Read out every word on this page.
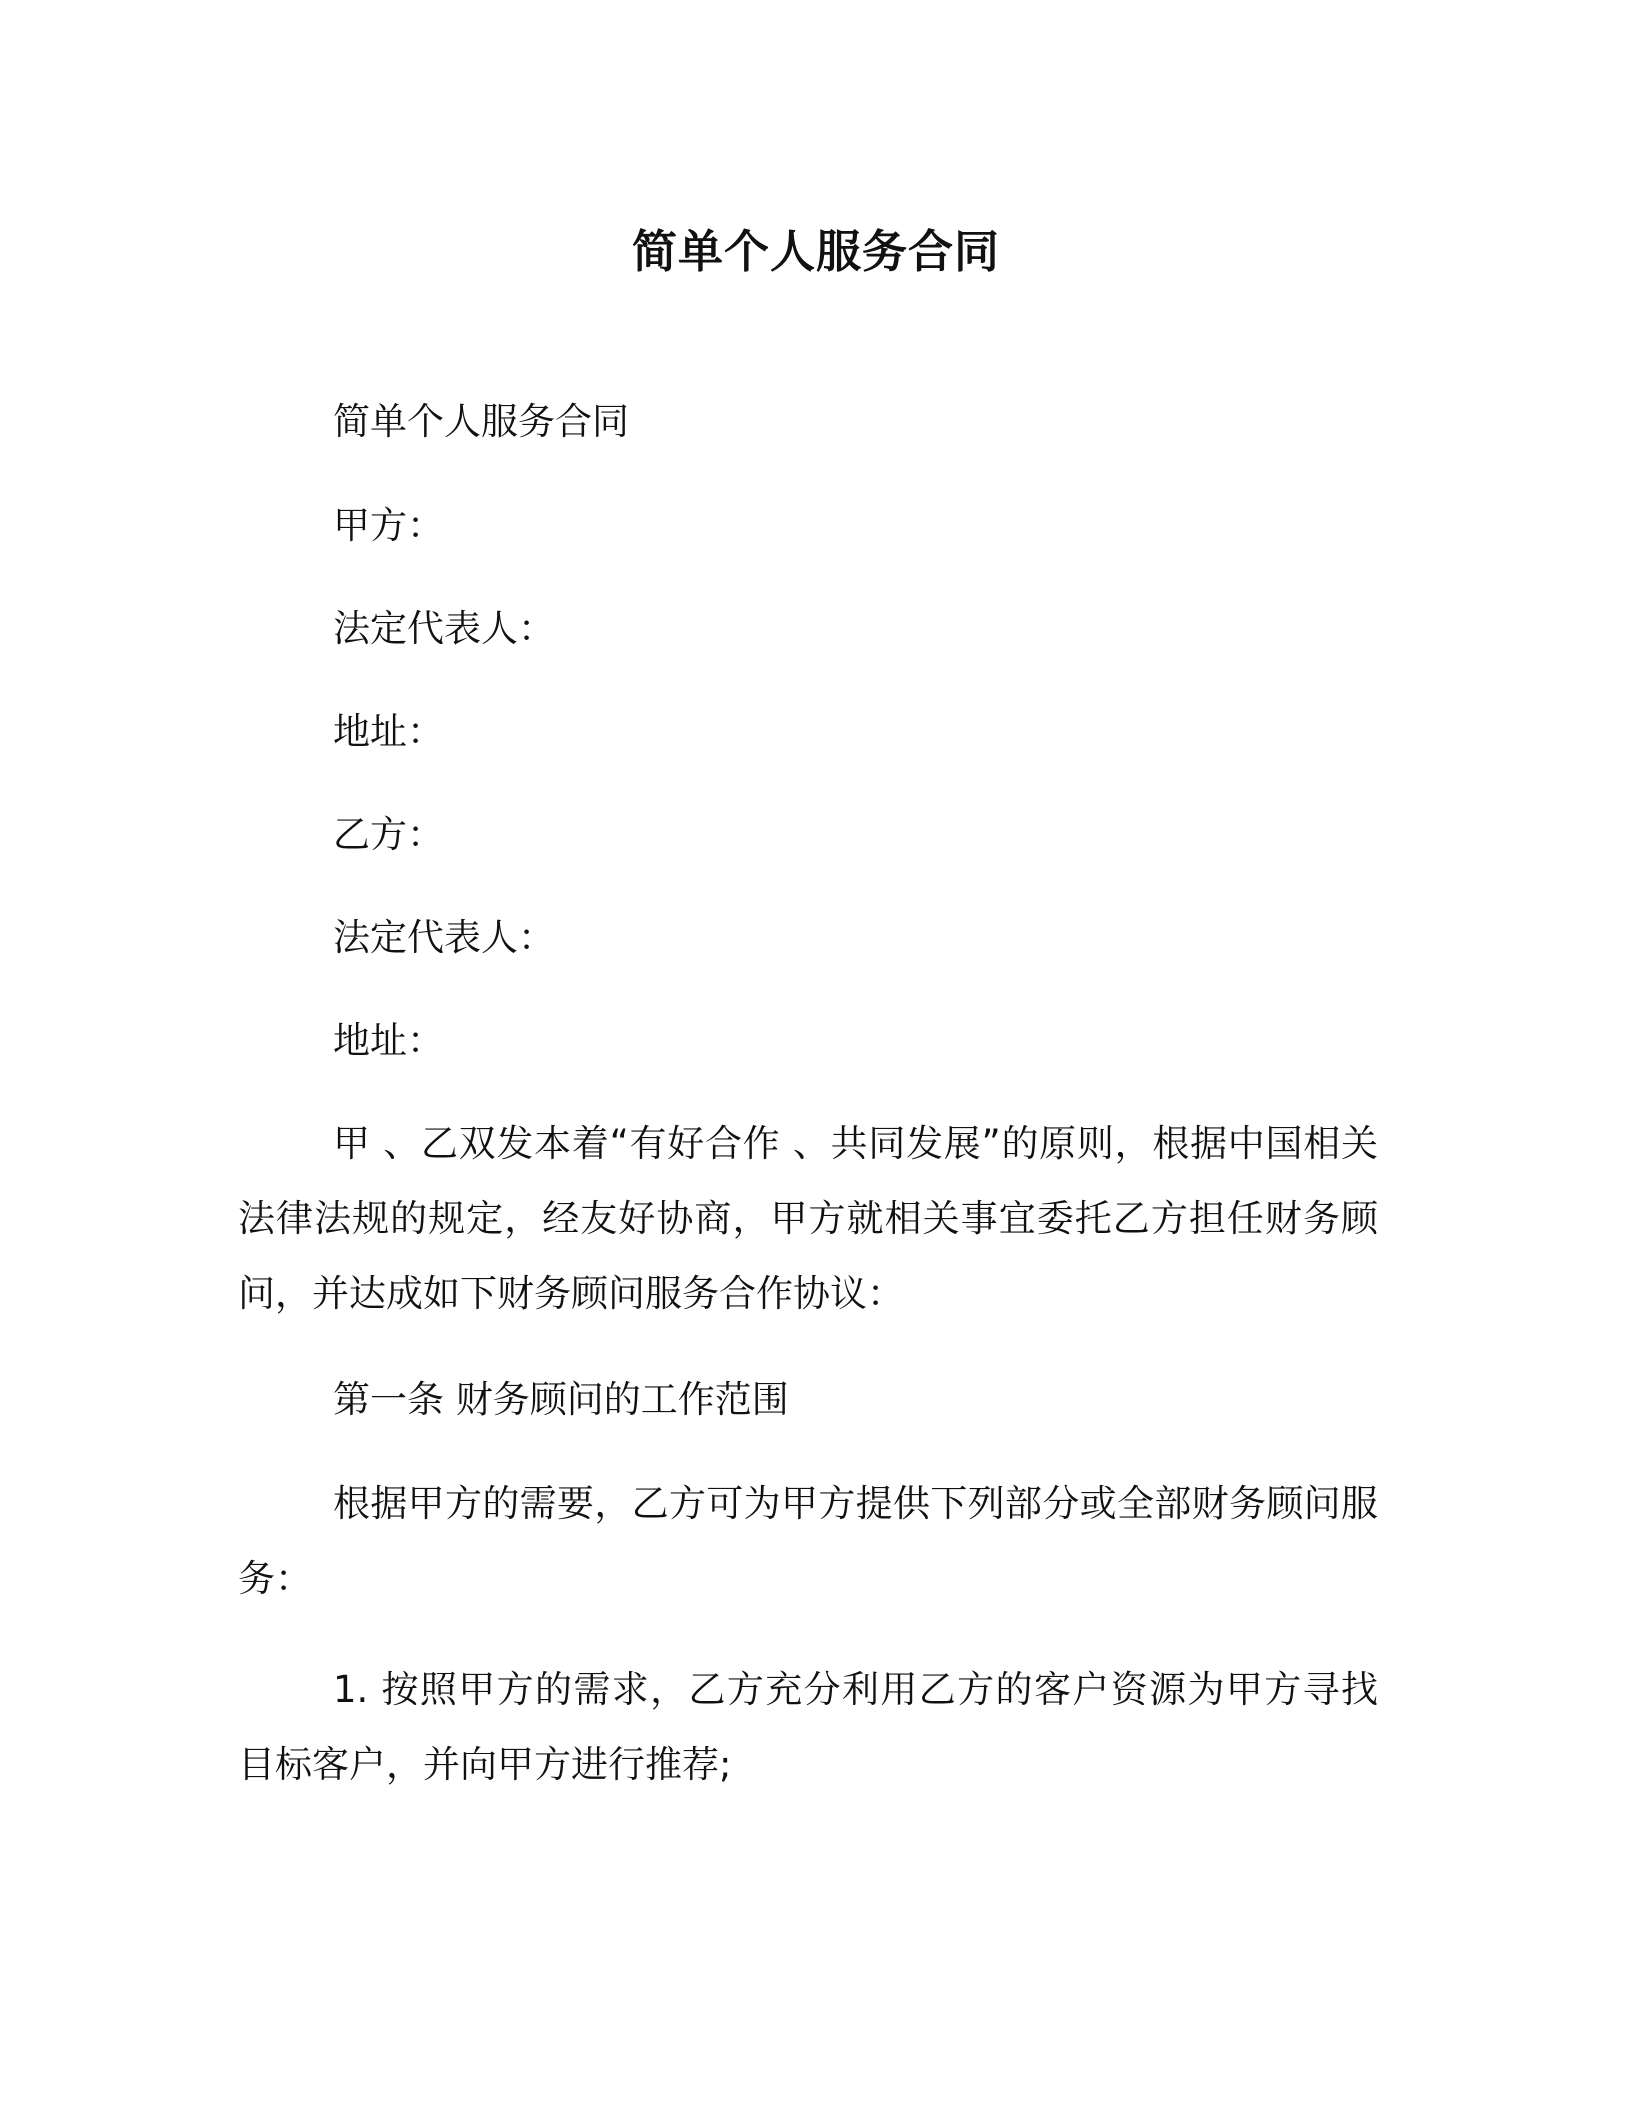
简单个人服务合同
简单个人服务合同
甲方：
法定代表人：
地址：
乙方：
法定代表人：
地址：
甲 、乙双发本着“有好合作 、共同发展”的原则，根据中国相关法律法规的规定，经友好协商，甲方就相关事宜委托乙方担任财务顾问，并达成如下财务顾问服务合作协议：
第一条 财务顾问的工作范围
根据甲方的需要，乙方可为甲方提供下列部分或全部财务顾问服务：
1. 按照甲方的需求，乙方充分利用乙方的客户资源为甲方寻找目标客户，并向甲方进行推荐;
